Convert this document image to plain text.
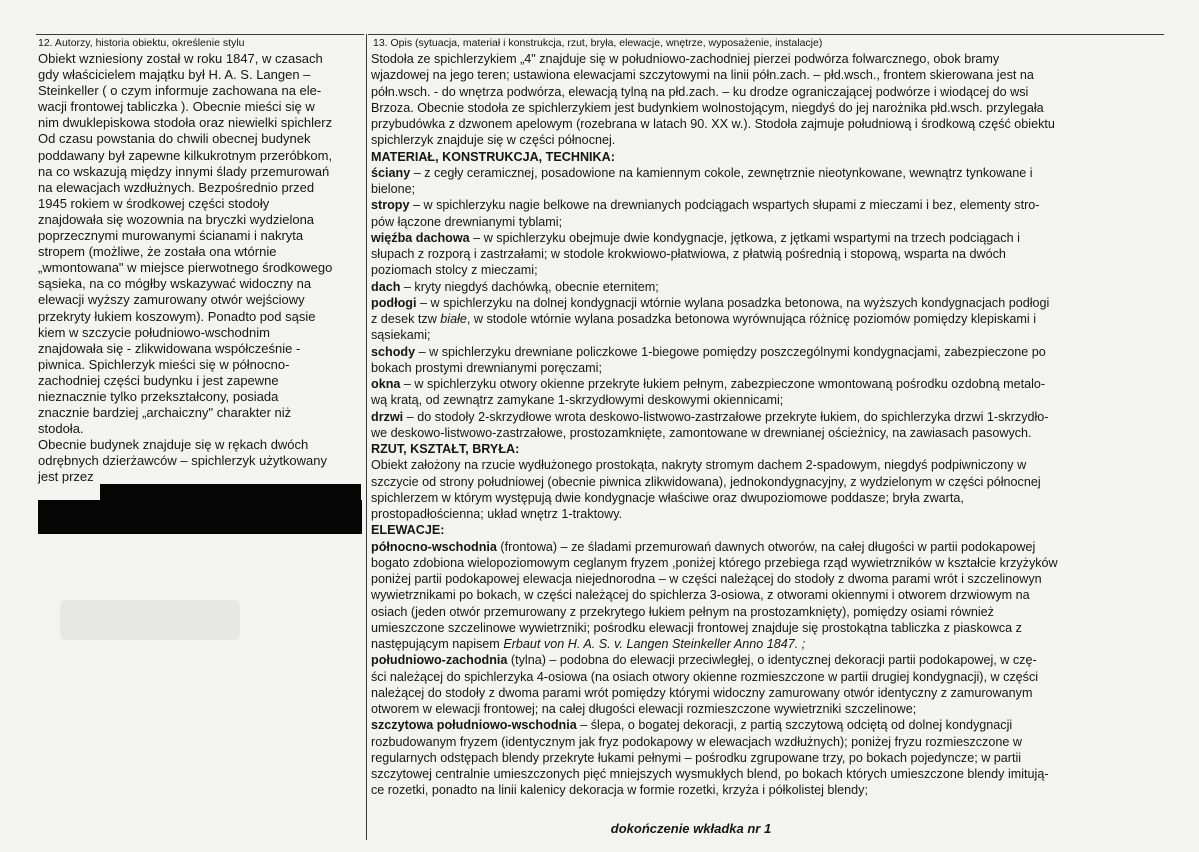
12. Autorzy, historia obiektu, określenie stylu	13. Opis (sytuacja, materiał i konstrukcja, rzut, bryła, elewacje, wnętrze, wyposażenie, instalacje)
Obiekt wzniesiony został w roku 1847, w czasach
gdy właścicielem majątku był H. A. S. Langen –
Steinkeller ( o czym informuje zachowana na ele-
wacji frontowej tabliczka ). Obecnie mieści się w
nim dwuklepiskowa stodoła oraz niewielki spichlerz
Od czasu powstania do chwili obecnej budynek
poddawany był zapewne kilkukrotnym przeróbkom,
na co wskazują między innymi ślady przemurowań
na elewacjach wzdłużnych. Bezpośrednio przed
1945 rokiem w środkowej części stodoły
znajdowała się wozownia na bryczki wydzielona
poprzecznymi murowanymi ścianami i nakryta
stropem (możliwe, że została ona wtórnie
„wmontowana" w miejsce pierwotnego środkowego
sąsieka, na co mógłby wskazywać widoczny na
elewacji wyższy zamurowany otwór wejściowy
przekryty łukiem koszowym). Ponadto pod sąsie
kiem w szczycie południowo-wschodnim
znajdowała się - zlikwidowana współcześnie -
piwnica. Spichlerzyk mieści się w północno-
zachodniej części budynku i jest zapewne
nieznacznie tylko przekształcony, posiada
znacznie bardziej „archaiczny" charakter niż
stodoła.
Obecnie budynek znajduje się w rękach dwóch
odrębnych dzierżawców – spichlerzyk użytkowany
jest przez
Stodoła ze spichlerzykiem „4" znajduje się w południowo-zachodniej pierzei podwórza folwarcznego, obok bramy
wjazdowej na jego teren; ustawiona elewacjami szczytowymi na linii półn.zach. – płd.wsch., frontem skierowana jest na
półn.wsch. - do wnętrza podwórza, elewacją tylną na płd.zach. – ku drodze ograniczającej podwórze i wiodącej do wsi
Brzoza. Obecnie stodoła ze spichlerzykiem jest budynkiem wolnostojącym, niegdyś do jej narożnika płd.wsch. przylegała
przybudówka z dzwonem apelowym (rozebrana w latach 90. XX w.). Stodoła zajmuje południową i środkową część obiektu
spichlerzyk znajduje się w części północnej.
MATERIAŁ, KONSTRUKCJA, TECHNIKA:
ściany – z cegły ceramicznej, posadowione na kamiennym cokole, zewnętrznie nieotynkowane, wewnątrz tynkowane i
bielone;
stropy – w spichlerzyku nagie belkowe na drewnianych podciągach wspartych słupami z mieczami i bez, elementy stro-
pów łączone drewnianymi tyblami;
więźba dachowa – w spichlerzyku obejmuje dwie kondygnacje, jętkowa, z jętkami wspartymi na trzech podciągach i
słupach z rozporą i zastrzałami; w stodole krokwiowo-płatwiowa, z płatwią pośrednią i stopową, wsparta na dwóch
poziomach stolcy z mieczami;
dach – kryty niegdyś dachówką, obecnie eternitem;
podłogi – w spichlerzyku na dolnej kondygnacji wtórnie wylana posadzka betonowa, na wyższych kondygnacjach podłogi
z desek tzw białe, w stodole wtórnie wylana posadzka betonowa wyrównująca różnicę poziomów pomiędzy klepiskami i
sąsiekami;
schody – w spichlerzyku drewniane policzkowe 1-biegowe pomiędzy poszczególnymi kondygnacjami, zabezpieczone po
bokach prostymi drewnianymi poręczami;
okna – w spichlerzyku otwory okienne przekryte łukiem pełnym, zabezpieczone wmontowaną pośrodku ozdobną metalo-
wą kratą, od zewnątrz zamykane 1-skrzydłowymi deskowymi okiennicami;
drzwi – do stodoły 2-skrzydłowe wrota deskowo-listwowo-zastrzałowe przekryte łukiem, do spichlerzyka drzwi 1-skrzydło-
we deskowo-listwowo-zastrzałowe, prostozamknięte, zamontowane w drewnianej ościeżnicy, na zawiasach pasowych.
RZUT, KSZTAŁT, BRYŁA:
Obiekt założony na rzucie wydłużonego prostokąta, nakryty stromym dachem 2-spadowym, niegdyś podpiwniczony w
szczycie od strony południowej (obecnie piwnica zlikwidowana), jednokondygnacyjny, z wydzielonym w części północnej
spichlerzem w którym występują dwie kondygnacje właściwe oraz dwupoziomowe poddasze; bryła zwarta,
prostopadłościenna; układ wnętrz 1-traktowy.
ELEWACJE:
północno-wschodnia (frontowa) – ze śladami przemurowań dawnych otworów, na całej długości w partii podokapowej
bogato zdobiona wielopoziomowym ceglanym fryzem ,poniżej którego przebiega rząd wywietrzników w kształcie krzyżyków
poniżej partii podokapowej elewacja niejednorodna – w części należącej do stodoły z dwoma parami wrót i szczelinowyn
wywietrznikami po bokach, w części należącej do spichlerza 3-osiowa, z otworami okiennymi i otworem drzwiowym na
osiach (jeden otwór przemurowany z przekrytego łukiem pełnym na prostozamknięty), pomiędzy osiami również
umieszczone szczelinowe wywietrzniki; pośrodku elewacji frontowej znajduje się prostokątna tabliczka z piaskowca z
następującym napisem Erbaut von H. A. S. v. Langen Steinkeller Anno 1847. ;
południowo-zachodnia (tylna) – podobna do elewacji przeciwległej, o identycznej dekoracji partii podokapowej, w czę-
ści należącej do spichlerzyka 4-osiowa (na osiach otwory okienne rozmieszczone w partii drugiej kondygnacji), w części
należącej do stodoły z dwoma parami wrót pomiędzy którymi widoczny zamurowany otwór identyczny z zamurowanym
otworem w elewacji frontowej; na całej długości elewacji rozmieszczone wywietrzniki szczelinowe;
szczytowa południowo-wschodnia – ślepa, o bogatej dekoracji, z partią szczytową odciętą od dolnej kondygnacji
rozbudowanym fryzem (identycznym jak fryz podokapowy w elewacjach wzdłużnych); poniżej fryzu rozmieszczone w
regularnych odstępach blendy przekryte łukami pełnymi – pośrodku zgrupowane trzy, po bokach pojedyncze; w partii
szczytowej centralnie umieszczonych pięć mniejszych wysmukłych blend, po bokach których umieszczone blendy imitują-
ce rozetki, ponadto na linii kalenicy dekoracja w formie rozetki, krzyża i półkolistej blendy;
dokończenie wkładka nr 1
